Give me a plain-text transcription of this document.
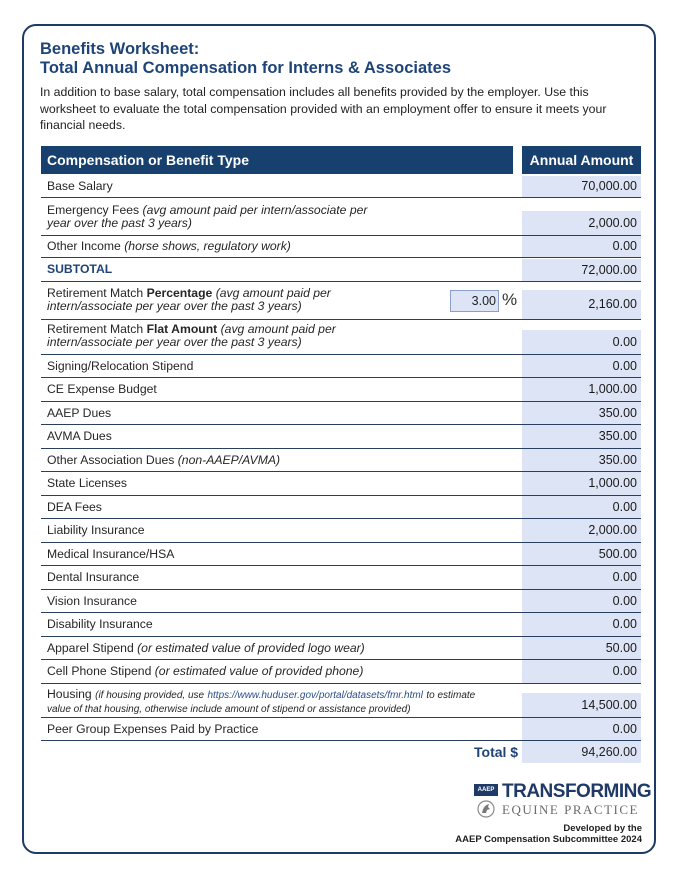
Benefits Worksheet:
Total Annual Compensation for Interns & Associates
In addition to base salary, total compensation includes all benefits provided by the employer. Use this worksheet to evaluate the total compensation provided with an employment offer to ensure it meets your financial needs.
Compensation or Benefit Type	Annual Amount
Base Salary	70,000.00
Emergency Fees (avg amount paid per intern/associate per year over the past 3 years)	2,000.00
Other Income (horse shows, regulatory work)	0.00
SUBTOTAL	72,000.00
Retirement Match Percentage (avg amount paid per intern/associate per year over the past 3 years)	3.00 %	2,160.00
Retirement Match Flat Amount (avg amount paid per intern/associate per year over the past 3 years)	0.00
Signing/Relocation Stipend	0.00
CE Expense Budget	1,000.00
AAEP Dues	350.00
AVMA Dues	350.00
Other Association Dues (non-AAEP/AVMA)	350.00
State Licenses	1,000.00
DEA Fees	0.00
Liability Insurance	2,000.00
Medical Insurance/HSA	500.00
Dental Insurance	0.00
Vision Insurance	0.00
Disability Insurance	0.00
Apparel Stipend (or estimated value of provided logo wear)	50.00
Cell Phone Stipend (or estimated value of provided phone)	0.00
Housing (if housing provided, use https://www.huduser.gov/portal/datasets/fmr.html to estimate value of that housing, otherwise include amount of stipend or assistance provided)	14,500.00
Peer Group Expenses Paid by Practice	0.00
Total $	94,260.00
AAEP TRANSFORMING
EQUINE PRACTICE
Developed by the
AAEP Compensation Subcommittee 2024
